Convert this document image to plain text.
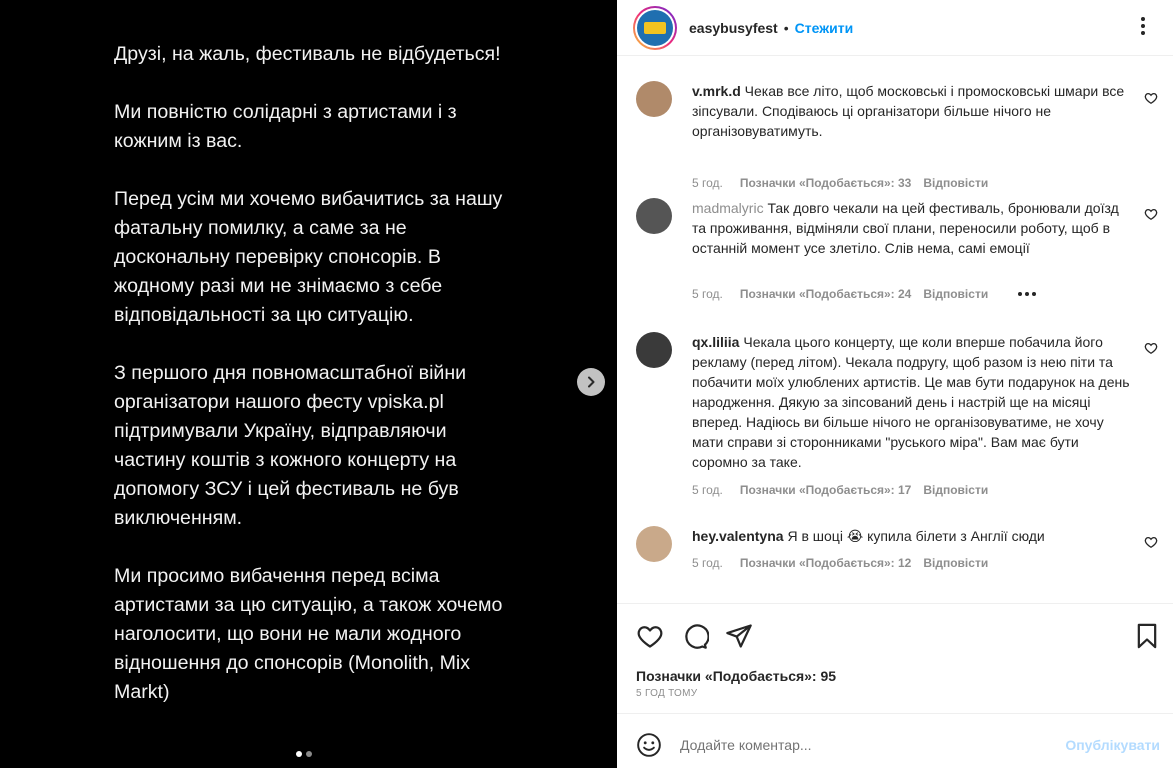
Друзі, на жаль, фестиваль не відбудеться!

Ми повністю солідарні з артистами і з кожним із вас.

Перед усім ми хочемо вибачитись за нашу фатальну помилку, а саме за не доскональну перевірку спонсорів. В жодному разі ми не знімаємо з себе відповідальності за цю ситуацію.

З першого дня повномасштабної війни організатори нашого фесту vpiska.pl підтримували Україну, відправляючи частину коштів з кожного концерту на допомогу ЗСУ і цей фестиваль не був виключенням.

Ми просимо вибачення перед всіма артистами за цю ситуацію, а також хочемо наголосити, що вони не мали жодного відношення до спонсорів (Monolith, Mix Markt)

easybusyfest • Стежити
v.mrk.d Чекав все літо, щоб московські і промосковські шмари все зіпсували. Сподіваюсь ці організатори більше нічого не організовуватимуть.
5 год. Позначки «Подобається»: 33 Відповісти
madmalyric Так довго чекали на цей фестиваль, бронювали доїзд та проживання, відміняли свої плани, переносили роботу, щоб в останній момент усе злетіло. Слів нема, самі емоції
5 год. Позначки «Подобається»: 24 Відповісти
qx.liliia Чекала цього концерту, ще коли вперше побачила його рекламу (перед літом). Чекала подругу, щоб разом із нею піти та побачити моїх улюблених артистів. Це мав бути подарунок на день народження. Дякую за зіпсований день і настрій ще на місяці вперед. Надіюсь ви більше нічого не організовуватиме, не хочу мати справи зі сторонниками "руського міра". Вам має бути соромно за таке.
5 год. Позначки «Подобається»: 17 Відповісти
hey.valentyna Я в шоці 😭 купила білети з Англії сюди
5 год. Позначки «Подобається»: 12 Відповісти
Позначки «Подобається»: 95
5 ГОД ТОМУ
Додайте коментар...
Опублікувати
